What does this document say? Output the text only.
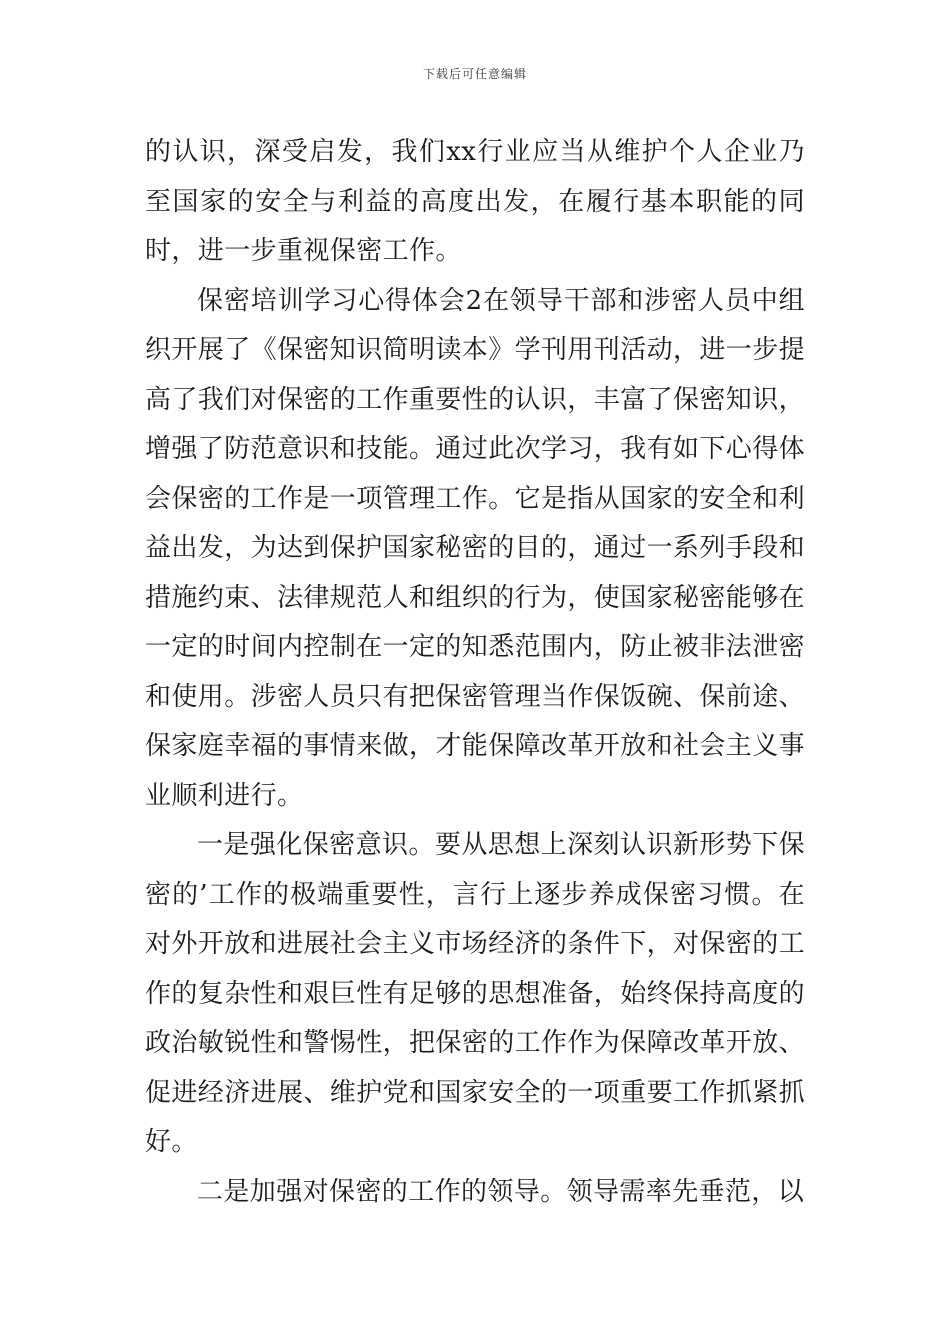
下载后可任意编辑

的认识，深受启发，我们xx行业应当从维护个人企业乃至国家的安全与利益的高度出发，在履行基本职能的同时，进一步重视保密工作。

保密培训学习心得体会2在领导干部和涉密人员中组织开展了《保密知识简明读本》学刊用刊活动，进一步提高了我们对保密的工作重要性的认识，丰富了保密知识，增强了防范意识和技能。通过此次学习，我有如下心得体会保密的工作是一项管理工作。它是指从国家的安全和利益出发，为达到保护国家秘密的目的，通过一系列手段和措施约束、法律规范人和组织的行为，使国家秘密能够在一定的时间内控制在一定的知悉范围内，防止被非法泄密和使用。涉密人员只有把保密管理当作保饭碗、保前途、保家庭幸福的事情来做，才能保障改革开放和社会主义事业顺利进行。

一是强化保密意识。要从思想上深刻认识新形势下保密的’工作的极端重要性，言行上逐步养成保密习惯。在对外开放和进展社会主义市场经济的条件下，对保密的工作的复杂性和艰巨性有足够的思想准备，始终保持高度的政治敏锐性和警惕性，把保密的工作作为保障改革开放、促进经济进展、维护党和国家安全的一项重要工作抓紧抓好。

二是加强对保密的工作的领导。领导需率先垂范，以
